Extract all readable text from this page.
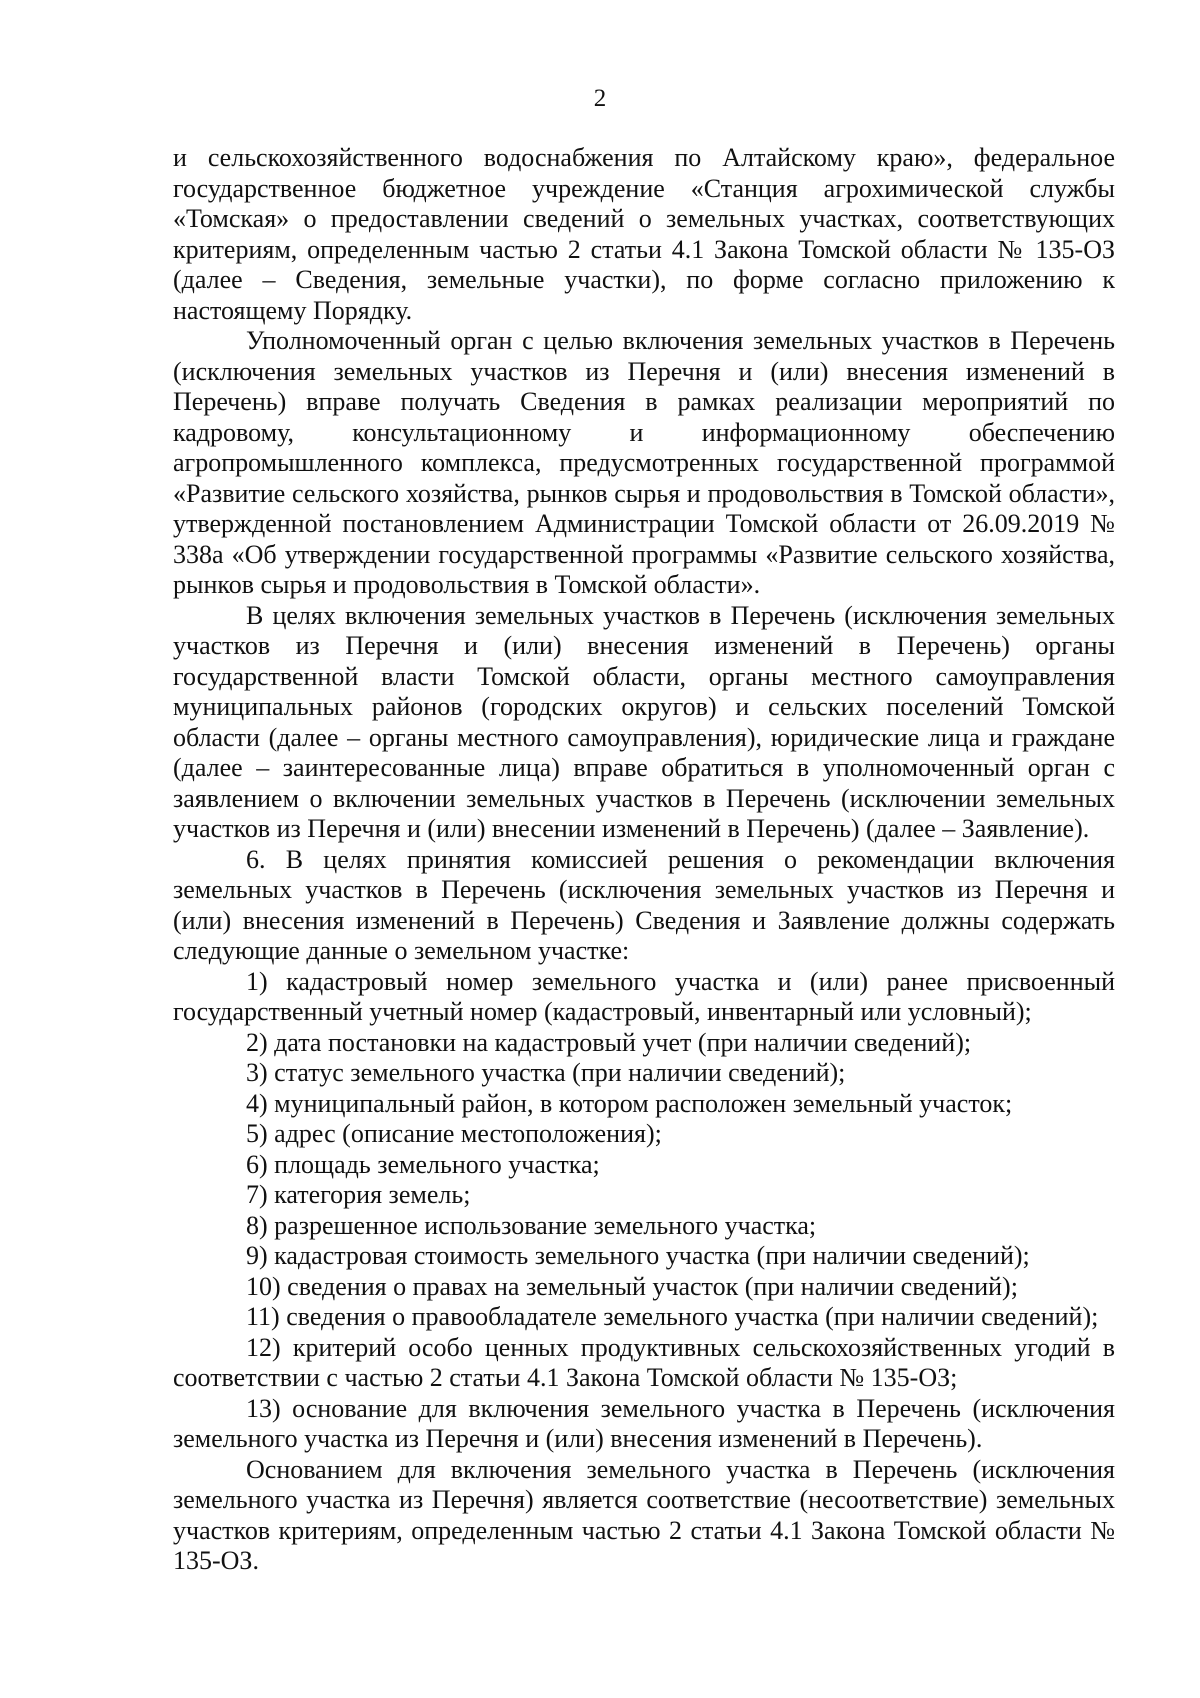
2

и сельскохозяйственного водоснабжения по Алтайскому краю», федеральное государственное бюджетное учреждение «Станция агрохимической службы «Томская» о предоставлении сведений о земельных участках, соответствующих критериям, определенным частью 2 статьи 4.1 Закона Томской области № 135-ОЗ (далее – Сведения, земельные участки), по форме согласно приложению к настоящему Порядку.

Уполномоченный орган с целью включения земельных участков в Перечень (исключения земельных участков из Перечня и (или) внесения изменений в Перечень) вправе получать Сведения в рамках реализации мероприятий по кадровому, консультационному и информационному обеспечению агропромышленного комплекса, предусмотренных государственной программой «Развитие сельского хозяйства, рынков сырья и продовольствия в Томской области», утвержденной постановлением Администрации Томской области от 26.09.2019 № 338а «Об утверждении государственной программы «Развитие сельского хозяйства, рынков сырья и продовольствия в Томской области».

В целях включения земельных участков в Перечень (исключения земельных участков из Перечня и (или) внесения изменений в Перечень) органы государственной власти Томской области, органы местного самоуправления муниципальных районов (городских округов) и сельских поселений Томской области (далее – органы местного самоуправления), юридические лица и граждане (далее – заинтересованные лица) вправе обратиться в уполномоченный орган с заявлением о включении земельных участков в Перечень (исключении земельных участков из Перечня и (или) внесении изменений в Перечень) (далее – Заявление).

6. В целях принятия комиссией решения о рекомендации включения земельных участков в Перечень (исключения земельных участков из Перечня и (или) внесения изменений в Перечень) Сведения и Заявление должны содержать следующие данные о земельном участке:

1) кадастровый номер земельного участка и (или) ранее присвоенный государственный учетный номер (кадастровый, инвентарный или условный);

2) дата постановки на кадастровый учет (при наличии сведений);

3) статус земельного участка (при наличии сведений);

4) муниципальный район, в котором расположен земельный участок;

5) адрес (описание местоположения);

6) площадь земельного участка;

7) категория земель;

8) разрешенное использование земельного участка;

9) кадастровая стоимость земельного участка (при наличии сведений);

10) сведения о правах на земельный участок (при наличии сведений);

11) сведения о правообладателе земельного участка (при наличии сведений);

12) критерий особо ценных продуктивных сельскохозяйственных угодий в соответствии с частью 2 статьи 4.1 Закона Томской области № 135-ОЗ;

13) основание для включения земельного участка в Перечень (исключения земельного участка из Перечня и (или) внесения изменений в Перечень).

Основанием для включения земельного участка в Перечень (исключения земельного участка из Перечня) является соответствие (несоответствие) земельных участков критериям, определенным частью 2 статьи 4.1 Закона Томской области № 135-ОЗ.
